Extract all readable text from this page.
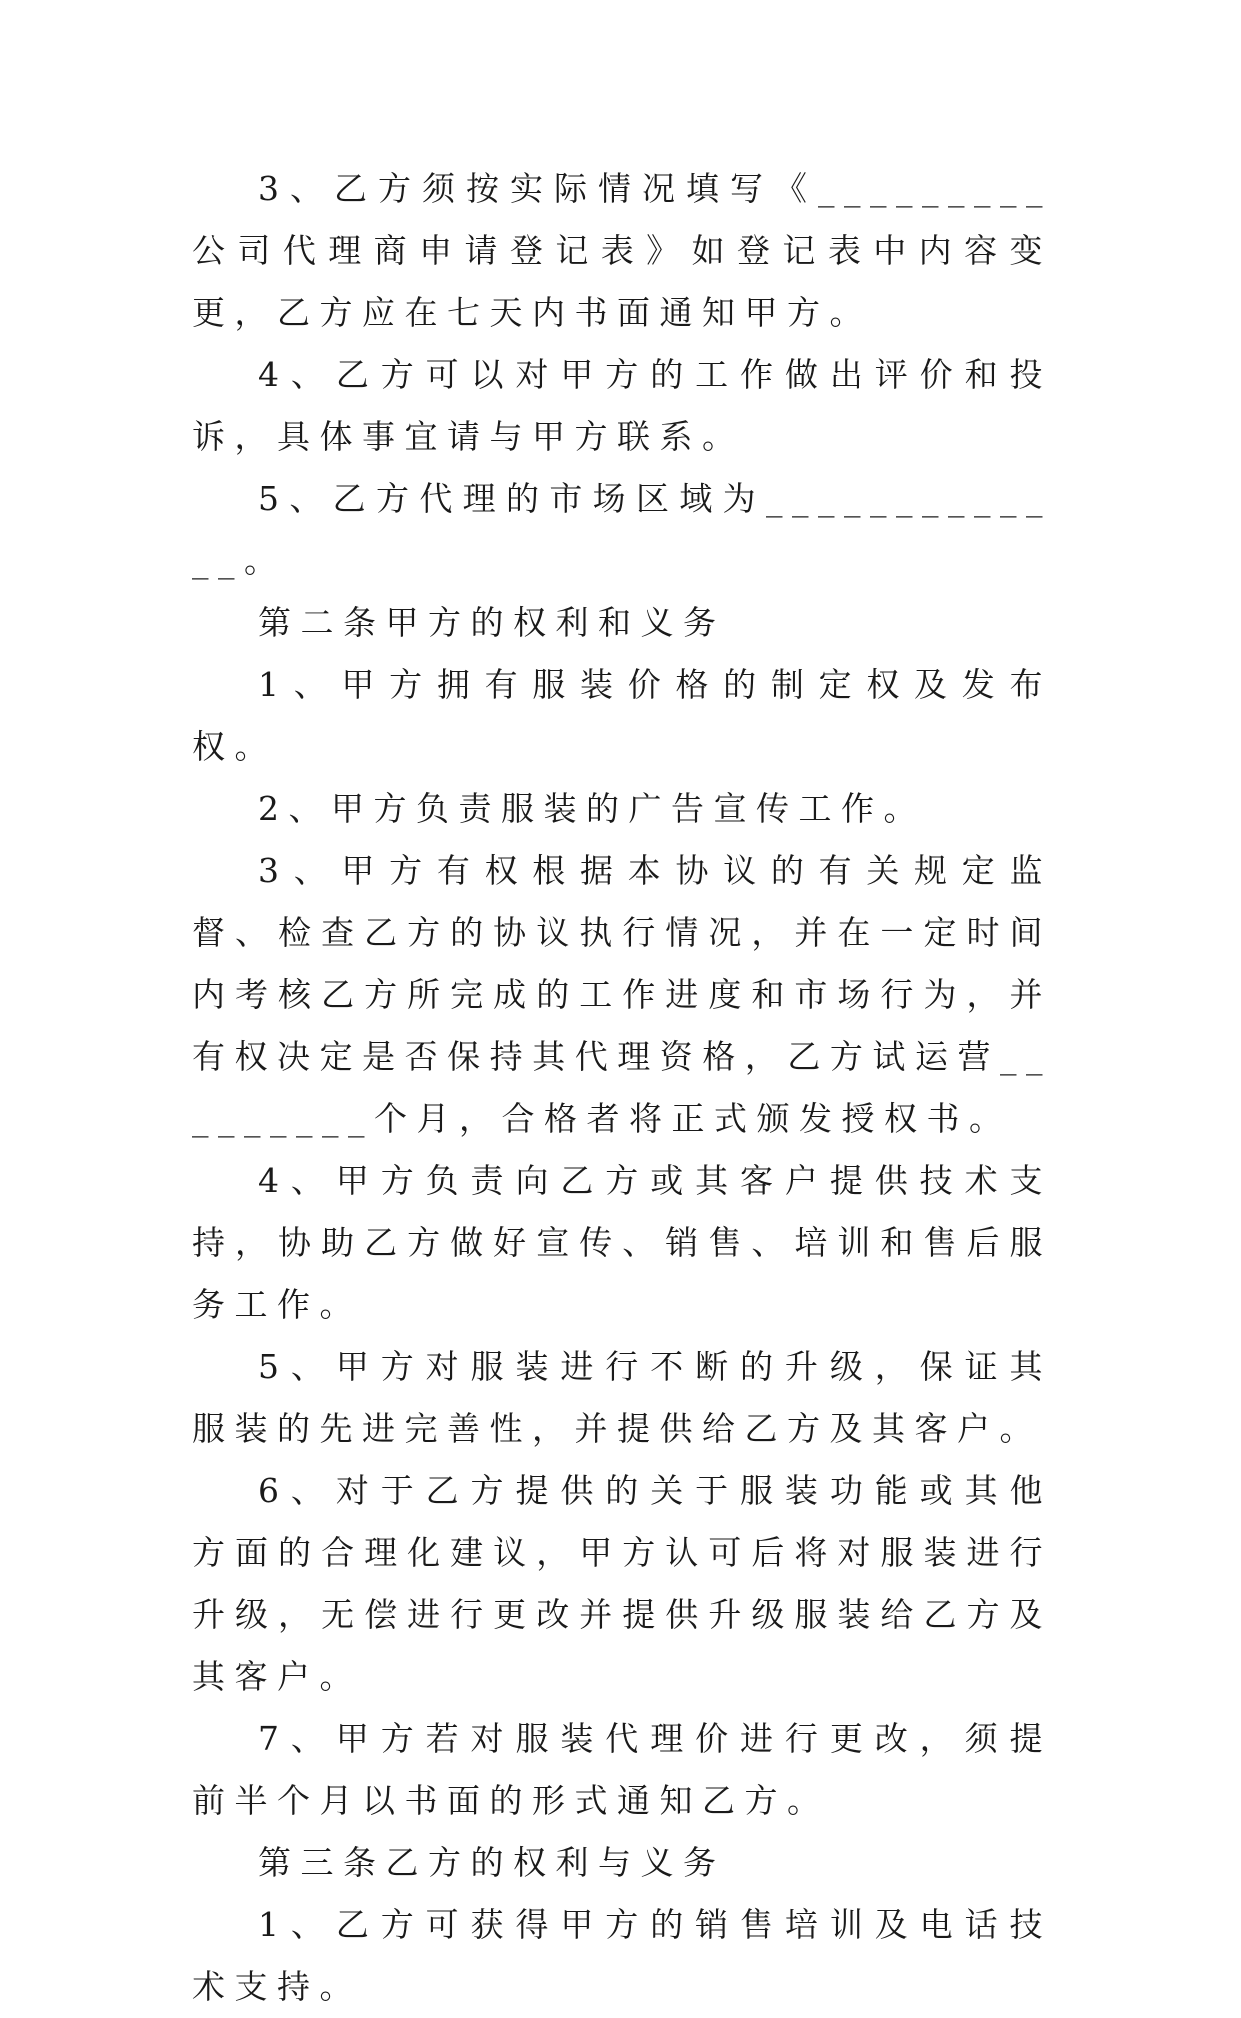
3、乙方须按实际情况填写《_________公司代理商申请登记表》如登记表中内容变更，乙方应在七天内书面通知甲方。

4、乙方可以对甲方的工作做出评价和投诉，具体事宜请与甲方联系。

5、乙方代理的市场区域为_____________。

第二条甲方的权利和义务

1、甲方拥有服装价格的制定权及发布权。

2、甲方负责服装的广告宣传工作。

3、甲方有权根据本协议的有关规定监督、检查乙方的协议执行情况，并在一定时间内考核乙方所完成的工作进度和市场行为，并有权决定是否保持其代理资格，乙方试运营_________个月，合格者将正式颁发授权书。

4、甲方负责向乙方或其客户提供技术支持，协助乙方做好宣传、销售、培训和售后服务工作。

5、甲方对服装进行不断的升级，保证其服装的先进完善性，并提供给乙方及其客户。

6、对于乙方提供的关于服装功能或其他方面的合理化建议，甲方认可后将对服装进行升级，无偿进行更改并提供升级服装给乙方及其客户。

7、甲方若对服装代理价进行更改，须提前半个月以书面的形式通知乙方。

第三条乙方的权利与义务

1、乙方可获得甲方的销售培训及电话技术支持。
